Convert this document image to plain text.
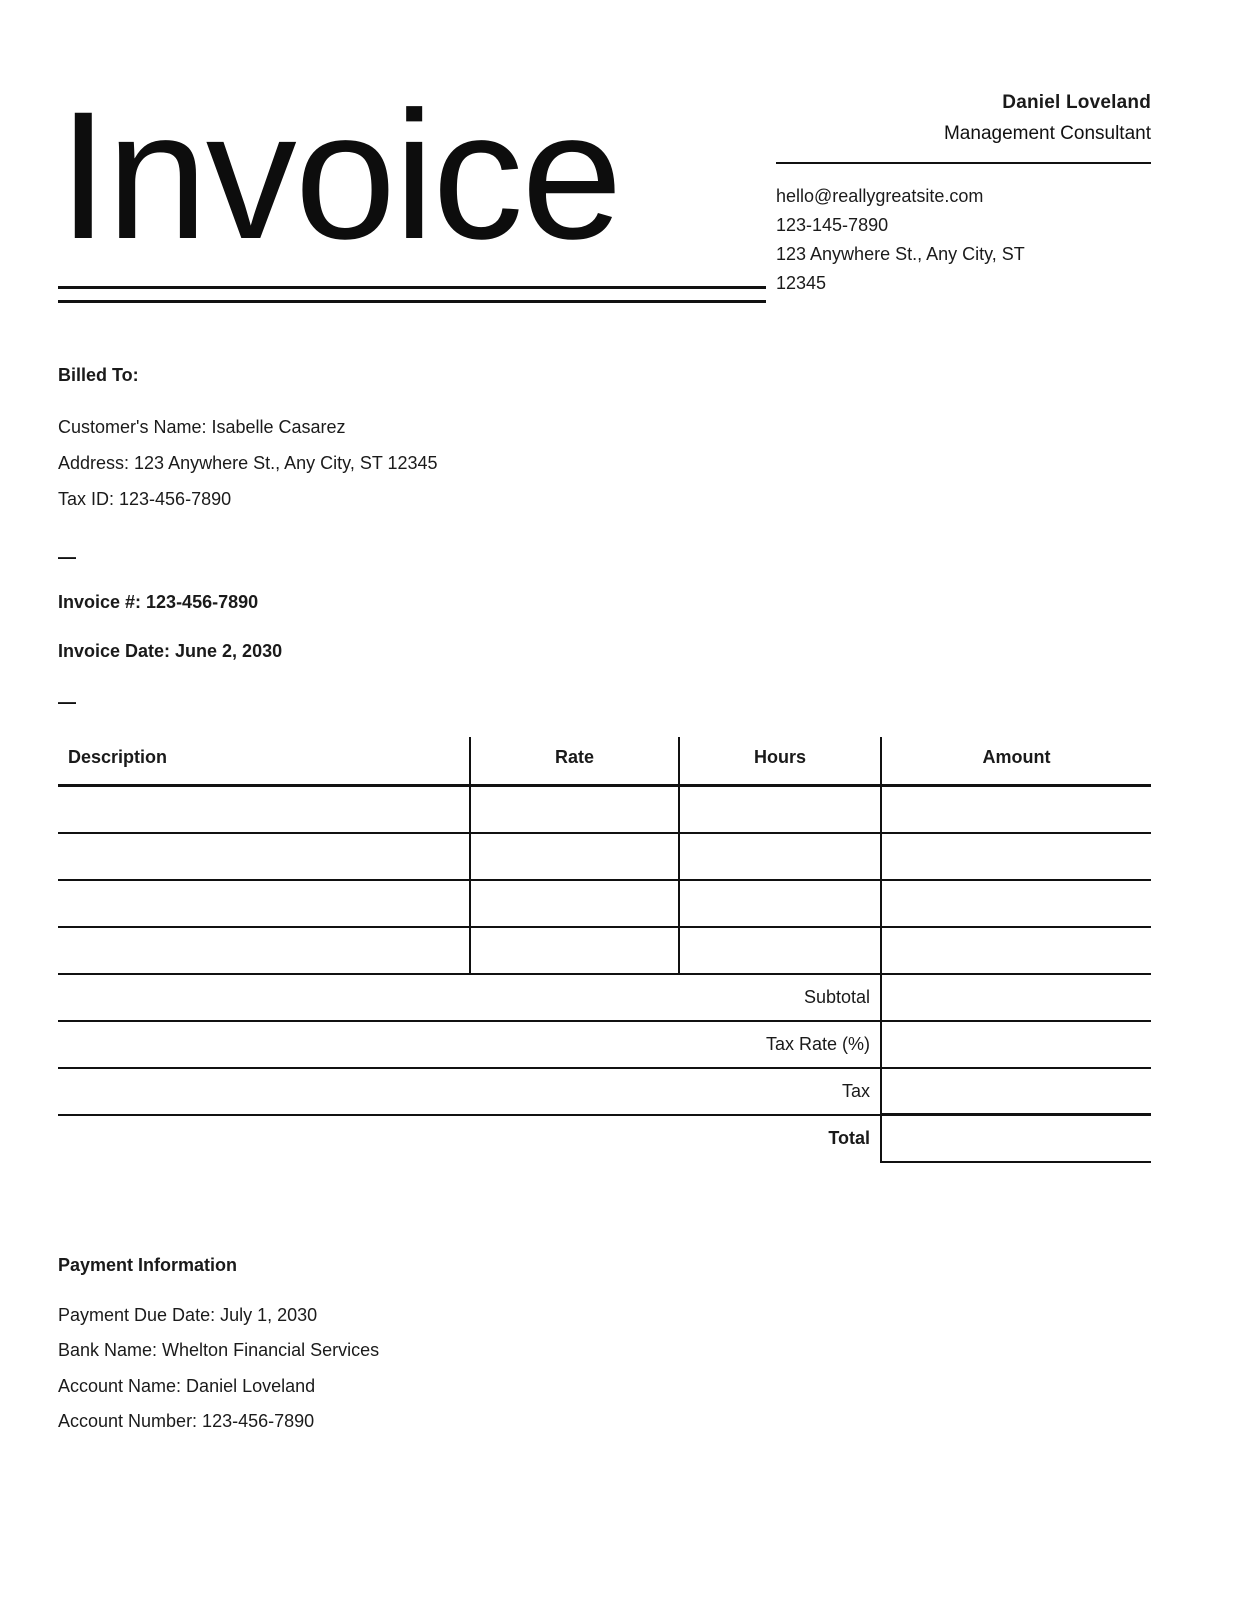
Invoice	Daniel Loveland

Management Consultant

hello@reallygreatsite.com
123-145-7890
123 Anywhere St., Any City, ST
12345

Billed To:

Customer's Name: Isabelle Casarez
Address: 123 Anywhere St., Any City, ST 12345
Tax ID: 123-456-7890
—
Invoice #: 123-456-7890
Invoice Date: June 2, 2030
—
Description	Rate	Hours	Amount

Subtotal			
Tax Rate (%)			
Tax			
Total			
Payment Information
Payment Due Date: July 1, 2030
Bank Name: Whelton Financial Services
Account Name: Daniel Loveland
Account Number: 123-456-7890
